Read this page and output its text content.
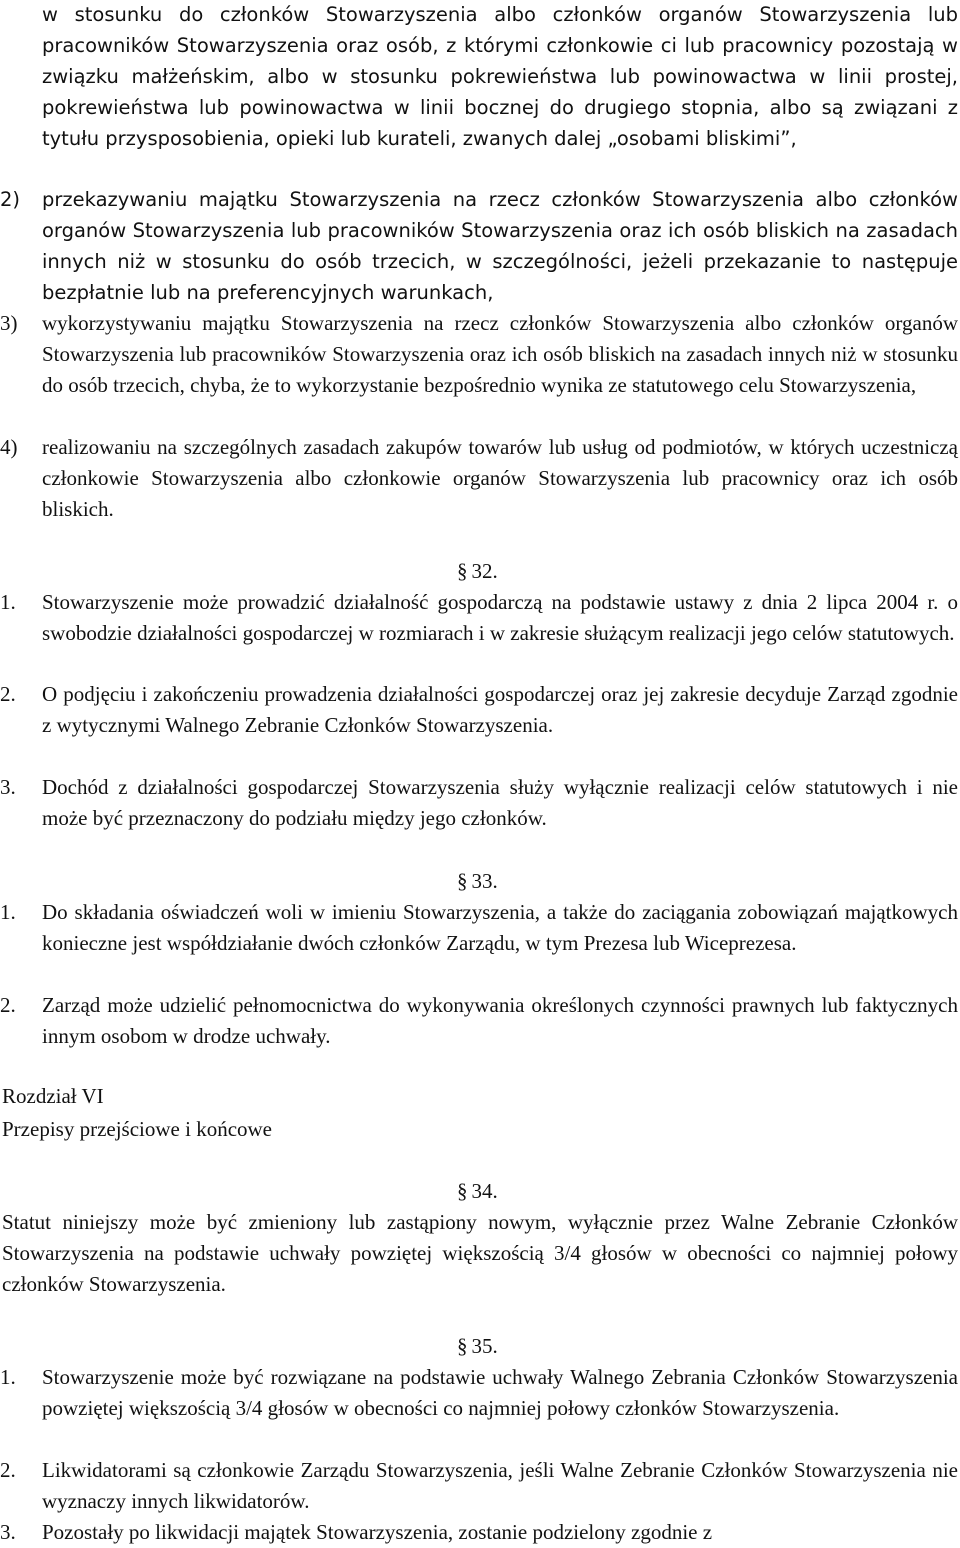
w stosunku do członków Stowarzyszenia albo członków organów Stowarzyszenia lub pracowników Stowarzyszenia oraz osób, z którymi członkowie ci lub pracownicy pozostają w związku małżeńskim, albo w stosunku pokrewieństwa lub powinowactwa w linii prostej, pokrewieństwa lub powinowactwa w linii bocznej do drugiego stopnia, albo są związani z tytułu przysposobienia, opieki lub kurateli, zwanych dalej „osobami bliskimi”,
2) przekazywaniu majątku Stowarzyszenia na rzecz członków Stowarzyszenia albo członków organów Stowarzyszenia lub pracowników Stowarzyszenia oraz ich osób bliskich na zasadach innych niż w stosunku do osób trzecich, w szczególności, jeżeli przekazanie to następuje bezpłatnie lub na preferencyjnych warunkach,
3) wykorzystywaniu majątku Stowarzyszenia na rzecz członków Stowarzyszenia albo członków organów Stowarzyszenia lub pracowników Stowarzyszenia oraz ich osób bliskich na zasadach innych niż w stosunku do osób trzecich, chyba, że to wykorzystanie bezpośrednio wynika ze statutowego celu Stowarzyszenia,
4) realizowaniu na szczególnych zasadach zakupów towarów lub usług od podmiotów, w których uczestniczą członkowie Stowarzyszenia albo członkowie organów Stowarzyszenia lub pracownicy oraz ich osób bliskich.
§ 32.
1. Stowarzyszenie może prowadzić działalność gospodarczą na podstawie ustawy z dnia 2 lipca 2004 r. o swobodzie działalności gospodarczej w rozmiarach i w zakresie służącym realizacji jego celów statutowych.
2. O podjęciu i zakończeniu prowadzenia działalności gospodarczej oraz jej zakresie decyduje Zarząd zgodnie z wytycznymi Walnego Zebranie Członków Stowarzyszenia.
3. Dochód z działalności gospodarczej Stowarzyszenia służy wyłącznie realizacji celów statutowych i nie może być przeznaczony do podziału między jego członków.
§ 33.
1. Do składania oświadczeń woli w imieniu Stowarzyszenia, a także do zaciągania zobowiązań majątkowych konieczne jest współdziałanie dwóch członków Zarządu, w tym Prezesa lub Wiceprezesa.
2. Zarząd może udzielić pełnomocnictwa do wykonywania określonych czynności prawnych lub faktycznych innym osobom w drodze uchwały.
Rozdział VI
Przepisy przejściowe i końcowe
§ 34.
Statut niniejszy może być zmieniony lub zastąpiony nowym, wyłącznie przez Walne Zebranie Członków Stowarzyszenia na podstawie uchwały powziętej większością 3/4 głosów w obecności co najmniej połowy członków Stowarzyszenia.
§ 35.
1. Stowarzyszenie może być rozwiązane na podstawie uchwały Walnego Zebrania Członków Stowarzyszenia powziętej większością 3/4 głosów w obecności co najmniej połowy członków Stowarzyszenia.
2. Likwidatorami są członkowie Zarządu Stowarzyszenia, jeśli Walne Zebranie Członków Stowarzyszenia nie wyznaczy innych likwidatorów.
3. Pozostały po likwidacji majątek Stowarzyszenia, zostanie podzielony zgodnie z
